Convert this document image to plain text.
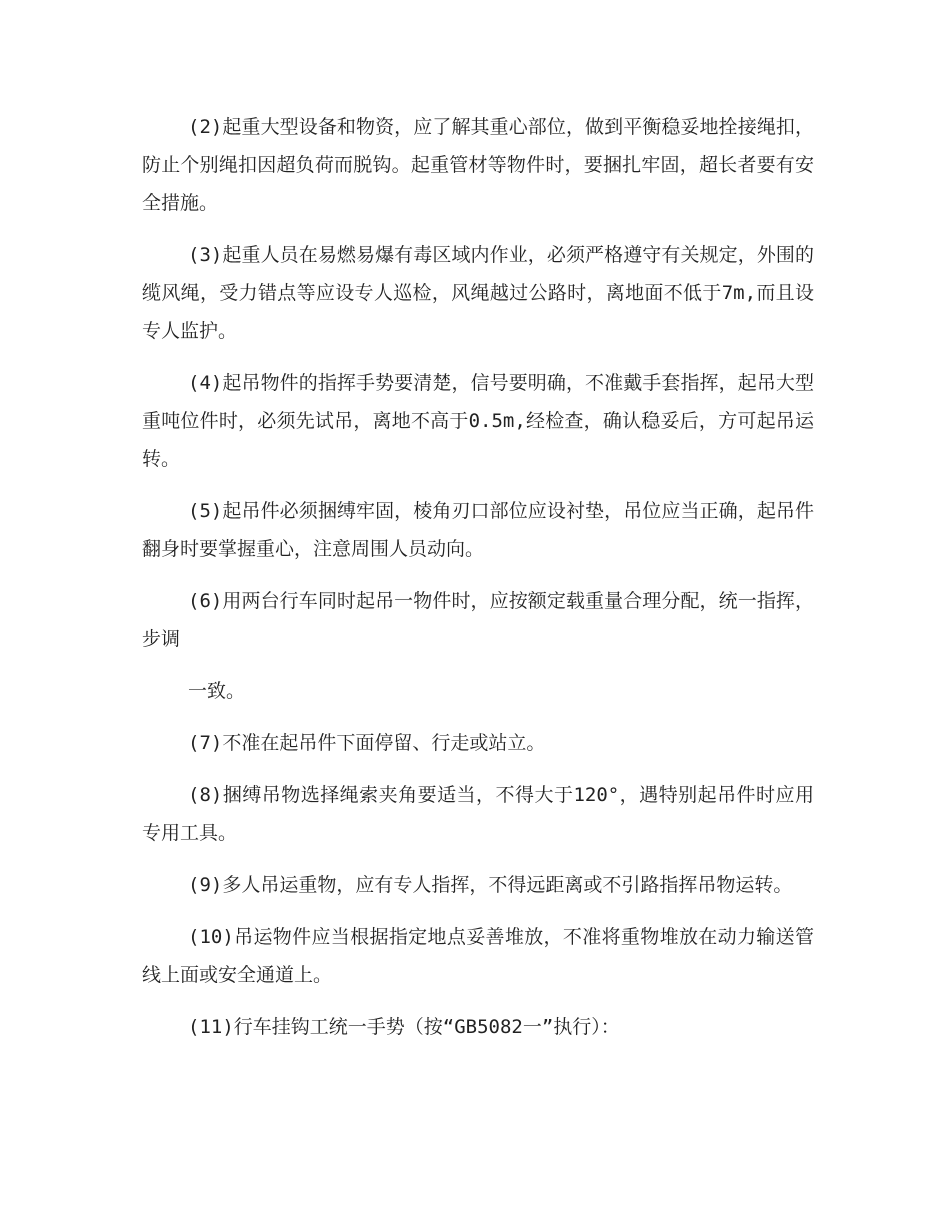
(2)起重大型设备和物资，应了解其重心部位，做到平衡稳妥地拴接绳扣，防止个别绳扣因超负荷而脱钩。起重管材等物件时，要捆扎牢固，超长者要有安全措施。

(3)起重人员在易燃易爆有毒区域内作业，必须严格遵守有关规定，外围的缆风绳，受力错点等应设专人巡检，风绳越过公路时，离地面不低于7m,而且设专人监护。

(4)起吊物件的指挥手势要清楚，信号要明确，不准戴手套指挥，起吊大型重吨位件时，必须先试吊，离地不高于0.5m,经检查，确认稳妥后，方可起吊运转。

(5)起吊件必须捆缚牢固，棱角刃口部位应设衬垫，吊位应当正确，起吊件翻身时要掌握重心，注意周围人员动向。

(6)用两台行车同时起吊一物件时，应按额定载重量合理分配，统一指挥，步调

一致。

(7)不准在起吊件下面停留、行走或站立。

(8)捆缚吊物选择绳索夹角要适当，不得大于120°，遇特别起吊件时应用专用工具。

(9)多人吊运重物，应有专人指挥，不得远距离或不引路指挥吊物运转。

(10)吊运物件应当根据指定地点妥善堆放，不准将重物堆放在动力输送管线上面或安全通道上。

(11)行车挂钩工统一手势（按“GB5082一”执行）：
